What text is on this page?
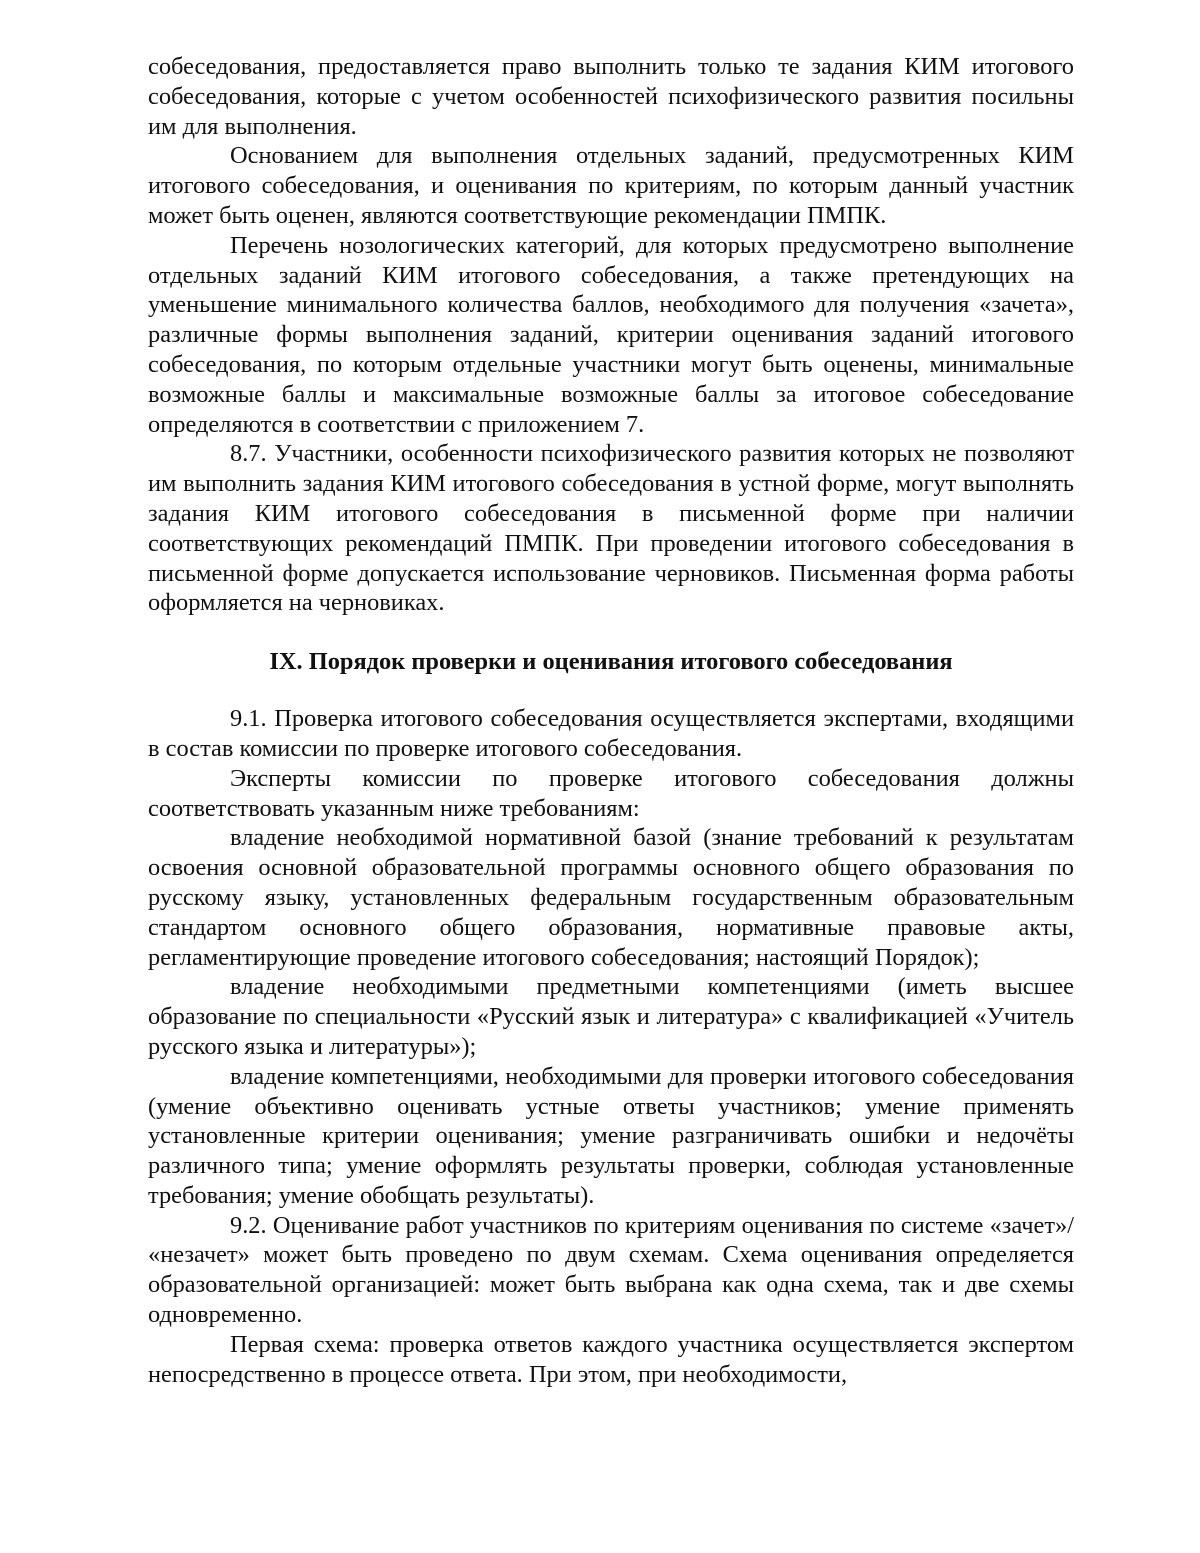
собеседования, предоставляется право выполнить только те задания КИМ итогового собеседования, которые с учетом особенностей психофизического развития посильны им для выполнения.

Основанием для выполнения отдельных заданий, предусмотренных КИМ итогового собеседования, и оценивания по критериям, по которым данный участник может быть оценен, являются соответствующие рекомендации ПМПК.

Перечень нозологических категорий, для которых предусмотрено выполнение отдельных заданий КИМ итогового собеседования, а также претендующих на уменьшение минимального количества баллов, необходимого для получения «зачета», различные формы выполнения заданий, критерии оценивания заданий итогового собеседования, по которым отдельные участники могут быть оценены, минимальные возможные баллы и максимальные возможные баллы за итоговое собеседование определяются в соответствии с приложением 7.

8.7. Участники, особенности психофизического развития которых не позволяют им выполнить задания КИМ итогового собеседования в устной форме, могут выполнять задания КИМ итогового собеседования в письменной форме при наличии соответствующих рекомендаций ПМПК. При проведении итогового собеседования в письменной форме допускается использование черновиков. Письменная форма работы оформляется на черновиках.

IX. Порядок проверки и оценивания итогового собеседования

9.1. Проверка итогового собеседования осуществляется экспертами, входящими в состав комиссии по проверке итогового собеседования.

Эксперты комиссии по проверке итогового собеседования должны соответствовать указанным ниже требованиям:

владение необходимой нормативной базой (знание требований к результатам освоения основной образовательной программы основного общего образования по русскому языку, установленных федеральным государственным образовательным стандартом основного общего образования, нормативные правовые акты, регламентирующие проведение итогового собеседования; настоящий Порядок);

владение необходимыми предметными компетенциями (иметь высшее образование по специальности «Русский язык и литература» с квалификацией «Учитель русского языка и литературы»);

владение компетенциями, необходимыми для проверки итогового собеседования (умение объективно оценивать устные ответы участников; умение применять установленные критерии оценивания; умение разграничивать ошибки и недочёты различного типа; умение оформлять результаты проверки, соблюдая установленные требования; умение обобщать результаты).

9.2. Оценивание работ участников по критериям оценивания по системе «зачет»/ «незачет» может быть проведено по двум схемам. Схема оценивания определяется образовательной организацией: может быть выбрана как одна схема, так и две схемы одновременно.

Первая схема: проверка ответов каждого участника осуществляется экспертом непосредственно в процессе ответа. При этом, при необходимости,
